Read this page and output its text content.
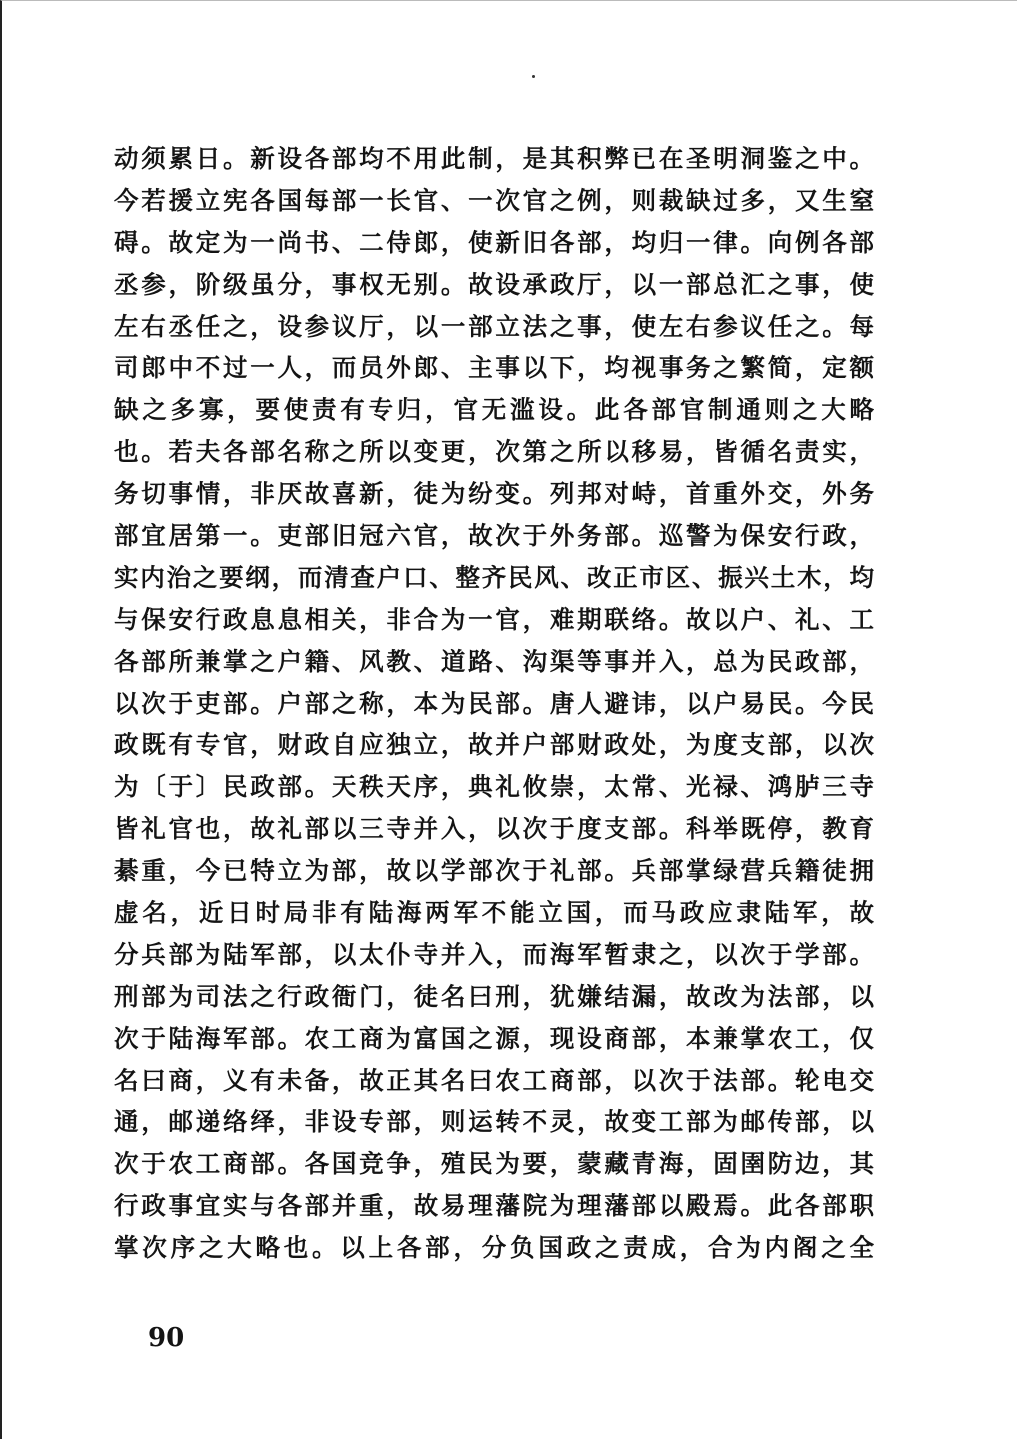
动须累日。新设各部均不用此制，是其积弊已在圣明洞鉴之中。
今若援立宪各国每部一长官、一次官之例，则裁缺过多，又生窒
碍。故定为一尚书、二侍郎，使新旧各部，均归一律。向例各部
丞参，阶级虽分，事权无别。故设承政厅，以一部总汇之事，使
左右丞任之，设参议厅，以一部立法之事，使左右参议任之。每
司郎中不过一人，而员外郎、主事以下，均视事务之繁简，定额
缺之多寡，要使责有专归，官无滥设。此各部官制通则之大略
也。若夫各部名称之所以变更，次第之所以移易，皆循名责实，
务切事情，非厌故喜新，徒为纷变。列邦对峙，首重外交，外务
部宜居第一。吏部旧冠六官，故次于外务部。巡警为保安行政，
实内治之要纲，而清查户口、整齐民风、改正市区、振兴土木，均
与保安行政息息相关，非合为一官，难期联络。故以户、礼、工
各部所兼掌之户籍、风教、道路、沟渠等事并入，总为民政部，
以次于吏部。户部之称，本为民部。唐人避讳，以户易民。今民
政既有专官，财政自应独立，故并户部财政处，为度支部，以次
为〔于〕民政部。天秩天序，典礼攸崇，太常、光禄、鸿胪三寺
皆礼官也，故礼部以三寺并入，以次于度支部。科举既停，教育
綦重，今已特立为部，故以学部次于礼部。兵部掌绿营兵籍徒拥
虚名，近日时局非有陆海两军不能立国，而马政应隶陆军，故
分兵部为陆军部，以太仆寺并入，而海军暂隶之，以次于学部。
刑部为司法之行政衙门，徒名曰刑，犹嫌结漏，故改为法部，以
次于陆海军部。农工商为富国之源，现设商部，本兼掌农工，仅
名曰商，义有未备，故正其名曰农工商部，以次于法部。轮电交
通，邮递络绎，非设专部，则运转不灵，故变工部为邮传部，以
次于农工商部。各国竞争，殖民为要，蒙藏青海，固圉防边，其
行政事宜实与各部并重，故易理藩院为理藩部以殿焉。此各部职
掌次序之大略也。以上各部，分负国政之责成，合为内阁之全
90
